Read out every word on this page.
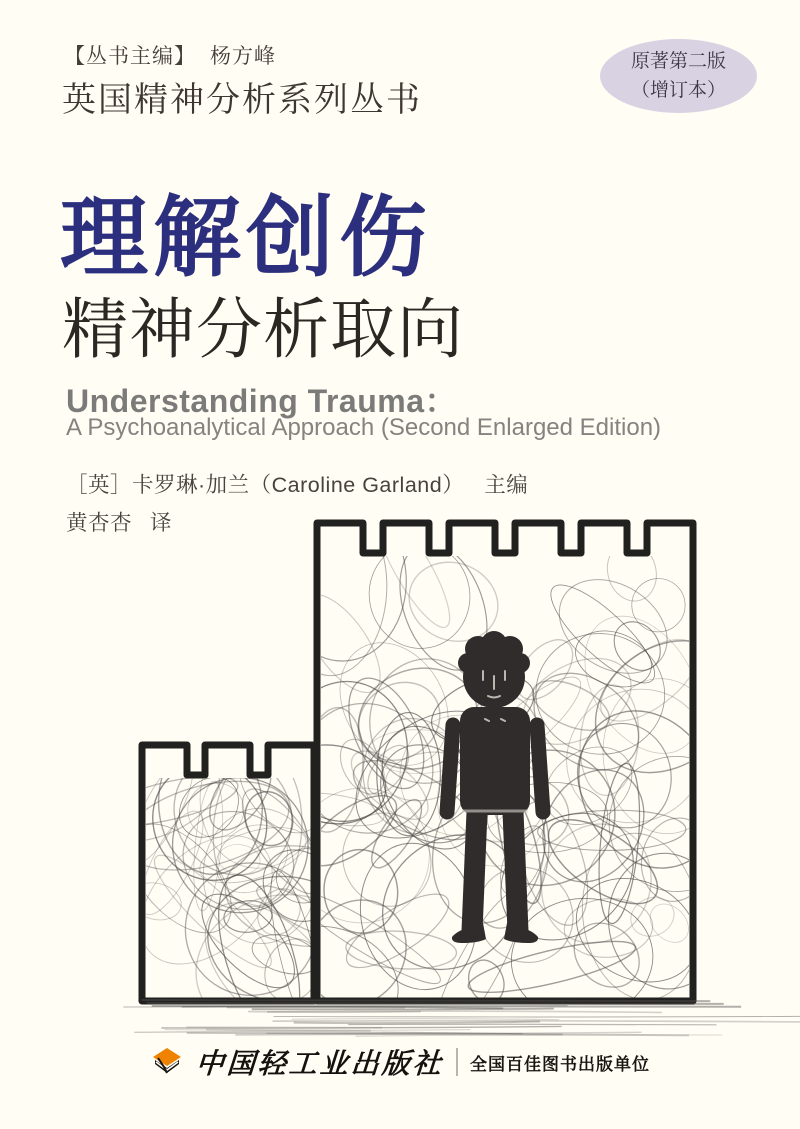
【丛书主编】 杨方峰
英国精神分析系列丛书
原著第二版
（增订本）
理解创伤
精神分析取向
Understanding Trauma：
A Psychoanalytical Approach (Second Enlarged Edition)
［英］卡罗琳·加兰（Caroline Garland） 主编
黄杏杏 译
中国轻工业出版社 全国百佳图书出版单位
